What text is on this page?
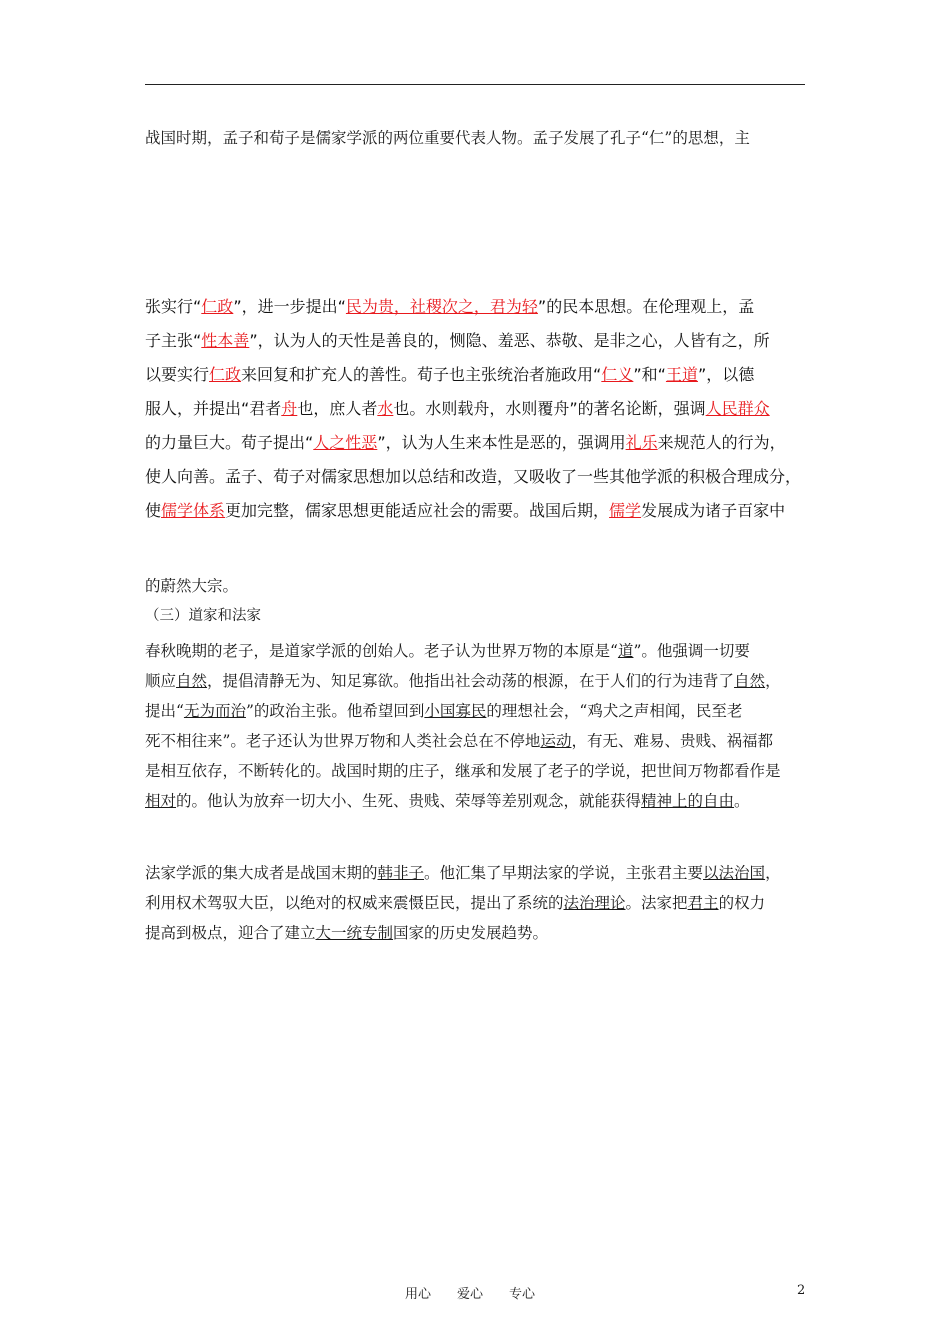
战国时期，孟子和荀子是儒家学派的两位重要代表人物。孟子发展了孔子“仁”的思想，主
张实行“仁政”，进一步提出“民为贵，社稷次之，君为轻”的民本思想。在伦理观上，孟
子主张“性本善”，认为人的天性是善良的，恻隐、羞恶、恭敬、是非之心，人皆有之，所
以要实行仁政来回复和扩充人的善性。荀子也主张统治者施政用“仁义”和“王道”，以德
服人，并提出“君者舟也，庶人者水也。水则载舟，水则覆舟”的著名论断，强调人民群众
的力量巨大。荀子提出“人之性恶”，认为人生来本性是恶的，强调用礼乐来规范人的行为，
使人向善。孟子、荀子对儒家思想加以总结和改造，又吸收了一些其他学派的积极合理成分，
使儒学体系更加完整，儒家思想更能适应社会的需要。战国后期，儒学发展成为诸子百家中
的蔚然大宗。
（三）道家和法家
春秋晚期的老子，是道家学派的创始人。老子认为世界万物的本原是“道”。他强调一切要
顺应自然，提倡清静无为、知足寡欲。他指出社会动荡的根源，在于人们的行为违背了自然，
提出“无为而治”的政治主张。他希望回到小国寡民的理想社会，“鸡犬之声相闻，民至老
死不相往来”。老子还认为世界万物和人类社会总在不停地运动，有无、难易、贵贱、祸福都
是相互依存，不断转化的。战国时期的庄子，继承和发展了老子的学说，把世间万物都看作是
相对的。他认为放弃一切大小、生死、贵贱、荣辱等差别观念，就能获得精神上的自由。
法家学派的集大成者是战国末期的韩非子。他汇集了早期法家的学说，主张君主要以法治国，
利用权术驾驭大臣，以绝对的权威来震慑臣民，提出了系统的法治理论。法家把君主的权力
提高到极点，迎合了建立大一统专制国家的历史发展趋势。
用心　　爱心　　专心	2
